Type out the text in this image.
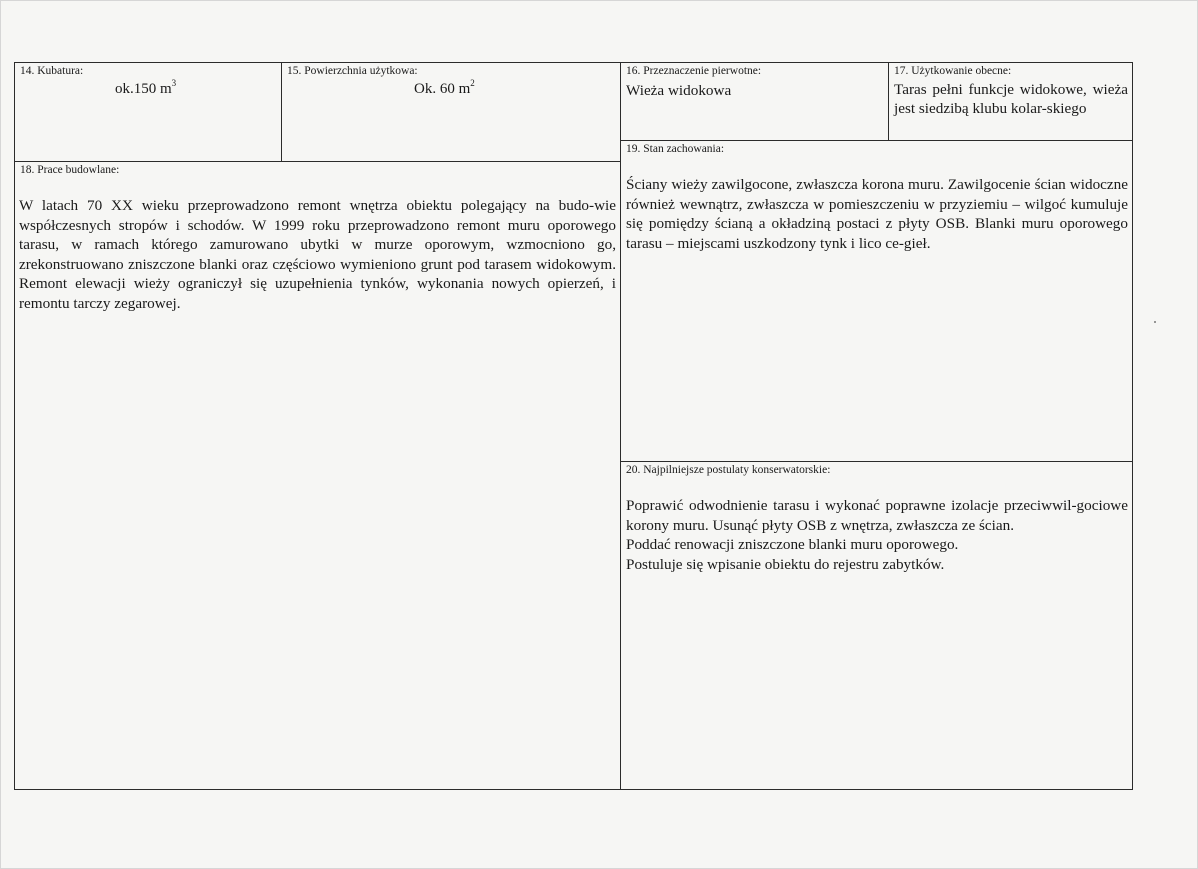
14. Kubatura:
ok.150 $m^3$
15. Powierzchnia użytkowa:
Ok. 60 $m^2$
16. Przeznaczenie pierwotne:
Wieża widokowa
17. Użytkowanie obecne:
Taras pełni funkcje widokowe, wieża jest siedzibą klubu kolar-skiego
18. Prace budowlane:
W latach 70 XX wieku przeprowadzono remont wnętrza obiektu polegający na budo-wie współczesnych stropów i schodów. W 1999 roku przeprowadzono remont muru oporowego tarasu, w ramach którego zamurowano ubytki w murze oporowym, wzmocniono go, zrekonstruowano zniszczone blanki oraz częściowo wymieniono grunt pod tarasem widokowym. Remont elewacji wieży ograniczył się uzupełnienia tynków, wykonania nowych opierzeń, i remontu tarczy zegarowej.
19. Stan zachowania:
Ściany wieży zawilgocone, zwłaszcza korona muru. Zawilgocenie ścian widoczne również wewnątrz, zwłaszcza w pomieszczeniu w przyziemiu – wilgoć kumuluje się pomiędzy ścianą a okładziną postaci z płyty OSB. Blanki muru oporowego tarasu – miejscami uszkodzony tynk i lico ce-gieł.
20. Najpilniejsze postulaty konserwatorskie:
Poprawić odwodnienie tarasu i wykonać poprawne izolacje przeciwwil-gociowe korony muru. Usunąć płyty OSB z wnętrza, zwłaszcza ze ścian.
Poddać renowacji zniszczone blanki muru oporowego.
Postuluje się wpisanie obiektu do rejestru zabytków.
